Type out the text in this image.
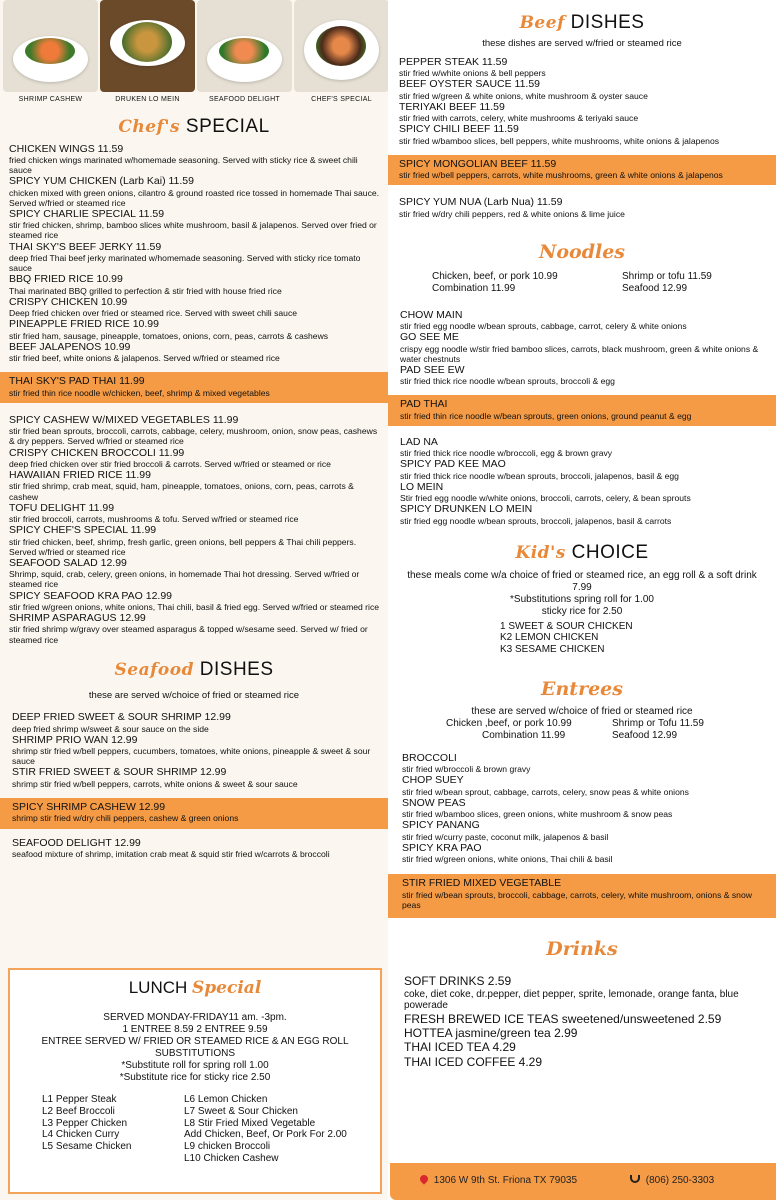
SHRIMP CASHEW	DRUKEN LO MEIN	SEAFOOD DELIGHT	CHEF'S SPECIAL
Chef's SPECIAL
CHICKEN WINGS 11.59
fried chicken wings marinated w/homemade seasoning. Served with sticky rice & sweet chili sauce
SPICY YUM CHICKEN (Larb Kai) 11.59
chicken mixed with green onions, cilantro & ground roasted rice tossed in homemade Thai sauce. Served w/fried or steamed rice
SPICY CHARLIE SPECIAL 11.59
stir fried chicken, shrimp, bamboo slices white mushroom, basil & jalapenos. Served over fried or steamed rice
THAI SKY'S BEEF JERKY 11.59
deep fried Thai beef jerky marinated w/homemade seasoning. Served with sticky rice tomato sauce
BBQ FRIED RICE 10.99
Thai marinated BBQ grilled to perfection & stir fried with house fried rice
CRISPY CHICKEN 10.99
Deep fried chicken over fried or steamed rice. Served with sweet chili sauce
PINEAPPLE FRIED RICE 10.99
stir fried ham, sausage, pineapple, tomatoes, onions, corn, peas, carrots & cashews
BEEF JALAPENOS 10.99
stir fried beef, white onions & jalapenos. Served w/fried or steamed rice
THAI SKY'S PAD THAI 11.99
stir fried thin rice noodle w/chicken, beef, shrimp & mixed vegetables
SPICY CASHEW W/MIXED VEGETABLES 11.99
stir fried bean sprouts, broccoli, carrots, cabbage, celery, mushroom, onion, snow peas, cashews & dry peppers. Served w/fried or steamed rice
CRISPY CHICKEN BROCCOLI 11.99
deep fried chicken over stir fried broccoli & carrots. Served w/fried or steamed or rice
HAWAIIAN FRIED RICE 11.99
stir fried shrimp, crab meat, squid, ham, pineapple, tomatoes, onions, corn, peas, carrots & cashew
TOFU DELIGHT 11.99
stir fried broccoli, carrots, mushrooms & tofu. Served w/fried or steamed rice
SPICY CHEF'S SPECIAL 11.99
stir fried chicken, beef, shrimp, fresh garlic, green onions, bell peppers & Thai chili peppers. Served w/fried or steamed rice
SEAFOOD SALAD 12.99
Shrimp, squid, crab, celery, green onions, in homemade Thai hot dressing. Served w/fried or steamed rice
SPICY SEAFOOD KRA PAO 12.99
stir fried w/green onions, white onions, Thai chili, basil & fried egg. Served w/fried or steamed rice
SHRIMP ASPARAGUS 12.99
stir fried shrimp w/gravy over steamed asparagus & topped w/sesame seed. Served w/ fried or steamed rice
Seafood DISHES
these are served w/choice of fried or steamed rice
DEEP FRIED SWEET & SOUR SHRIMP 12.99
deep fried shrimp w/sweet & sour sauce on the side
SHRIMP PRIO WAN 12.99
shrimp stir fried w/bell peppers, cucumbers, tomatoes, white onions, pineapple & sweet & sour sauce
STIR FRIED SWEET & SOUR SHRIMP 12.99
shrimp stir fried w/bell peppers, carrots, white onions & sweet & sour sauce
SPICY SHRIMP CASHEW 12.99
shrimp stir fried w/dry chili peppers, cashew & green onions
SEAFOOD DELIGHT 12.99
seafood mixture of shrimp, imitation crab meat & squid stir fried w/carrots & broccoli
LUNCH Special
SERVED MONDAY-FRIDAY11 am. -3pm.
1 ENTREE 8.59 2 ENTREE 9.59
ENTREE SERVED W/ FRIED OR STEAMED RICE & AN EGG ROLL
SUBSTITUTIONS
*Substitute roll for spring roll 1.00
*Substitute rice for sticky rice 2.50
L1 Pepper Steak
L2 Beef Broccoli
L3 Pepper Chicken
L4 Chicken Curry
L5 Sesame Chicken
L6 Lemon Chicken
L7 Sweet & Sour Chicken
L8 Stir Fried Mixed Vegetable
Add Chicken, Beef, Or Pork For 2.00
L9 chicken Broccoli
L10 Chicken Cashew
Beef DISHES
these dishes are served w/fried or steamed rice
PEPPER STEAK 11.59
stir fried w/white onions & bell peppers
BEEF OYSTER SAUCE 11.59
stir fried w/green & white onions, white mushroom & oyster sauce
TERIYAKI BEEF 11.59
stir fried with carrots, celery, white mushrooms & teriyaki sauce
SPICY CHILI BEEF 11.59
stir fried w/bamboo slices, bell peppers, white mushrooms, white onions & jalapenos
SPICY MONGOLIAN BEEF 11.59
stir fried w/bell peppers, carrots, white mushrooms, green & white onions & jalapenos
SPICY YUM NUA (Larb Nua) 11.59
stir fried w/dry chili peppers, red & white onions & lime juice
Noodles
Chicken, beef, or pork 10.99	Shrimp or tofu 11.59
Combination 11.99	Seafood 12.99
CHOW MAIN
stir fried egg noodle w/bean sprouts, cabbage, carrot, celery & white onions
GO SEE ME
crispy egg noodle w/stir fried bamboo slices, carrots, black mushroom, green & white onions & water chestnuts
PAD SEE EW
stir fried thick rice noodle w/bean sprouts, broccoli & egg
PAD THAI
stir fried thin rice noodle w/bean sprouts, green onions, ground peanut & egg
LAD NA
stir fried thick rice noodle w/broccoli, egg & brown gravy
SPICY PAD KEE MAO
stir fried thick rice noodle w/bean sprouts, broccoli, jalapenos, basil & egg
LO MEIN
Stir fried egg noodle w/white onions, broccoli, carrots, celery, & bean sprouts
SPICY DRUNKEN LO MEIN
stir fried egg noodle w/bean sprouts, broccoli, jalapenos, basil & carrots
Kid's CHOICE
these meals come w/a choice of fried or steamed rice, an egg roll & a soft drink 7.99
*Substitutions spring roll for 1.00
sticky rice for 2.50
1 SWEET & SOUR CHICKEN
K2 LEMON CHICKEN
K3 SESAME CHICKEN
Entrees
these are served w/choice of fried or steamed rice
Chicken ,beef, or pork 10.99	Shrimp or Tofu 11.59
Combination 11.99	Seafood 12.99
BROCCOLI
stir fried w/broccoli & brown gravy
CHOP SUEY
stir fried w/bean sprout, cabbage, carrots, celery, snow peas & white onions
SNOW PEAS
stir fried w/bamboo slices, green onions, white mushroom & snow peas
SPICY PANANG
stir fried w/curry paste, coconut milk, jalapenos & basil
SPICY KRA PAO
stir fried w/green onions, white onions, Thai chili & basil
STIR FRIED MIXED VEGETABLE
stir fried w/bean sprouts, broccoli, cabbage, carrots, celery, white mushroom, onions & snow peas
Drinks
SOFT DRINKS 2.59
coke, diet coke, dr.pepper, diet pepper, sprite, lemonade, orange fanta, blue powerade
FRESH BREWED ICE TEAS sweetened/unsweetened 2.59
HOTTEA jasmine/green tea 2.99
THAI ICED TEA 4.29
THAI ICED COFFEE 4.29
1306 W 9th St. Friona TX 79035	(806) 250-3303
